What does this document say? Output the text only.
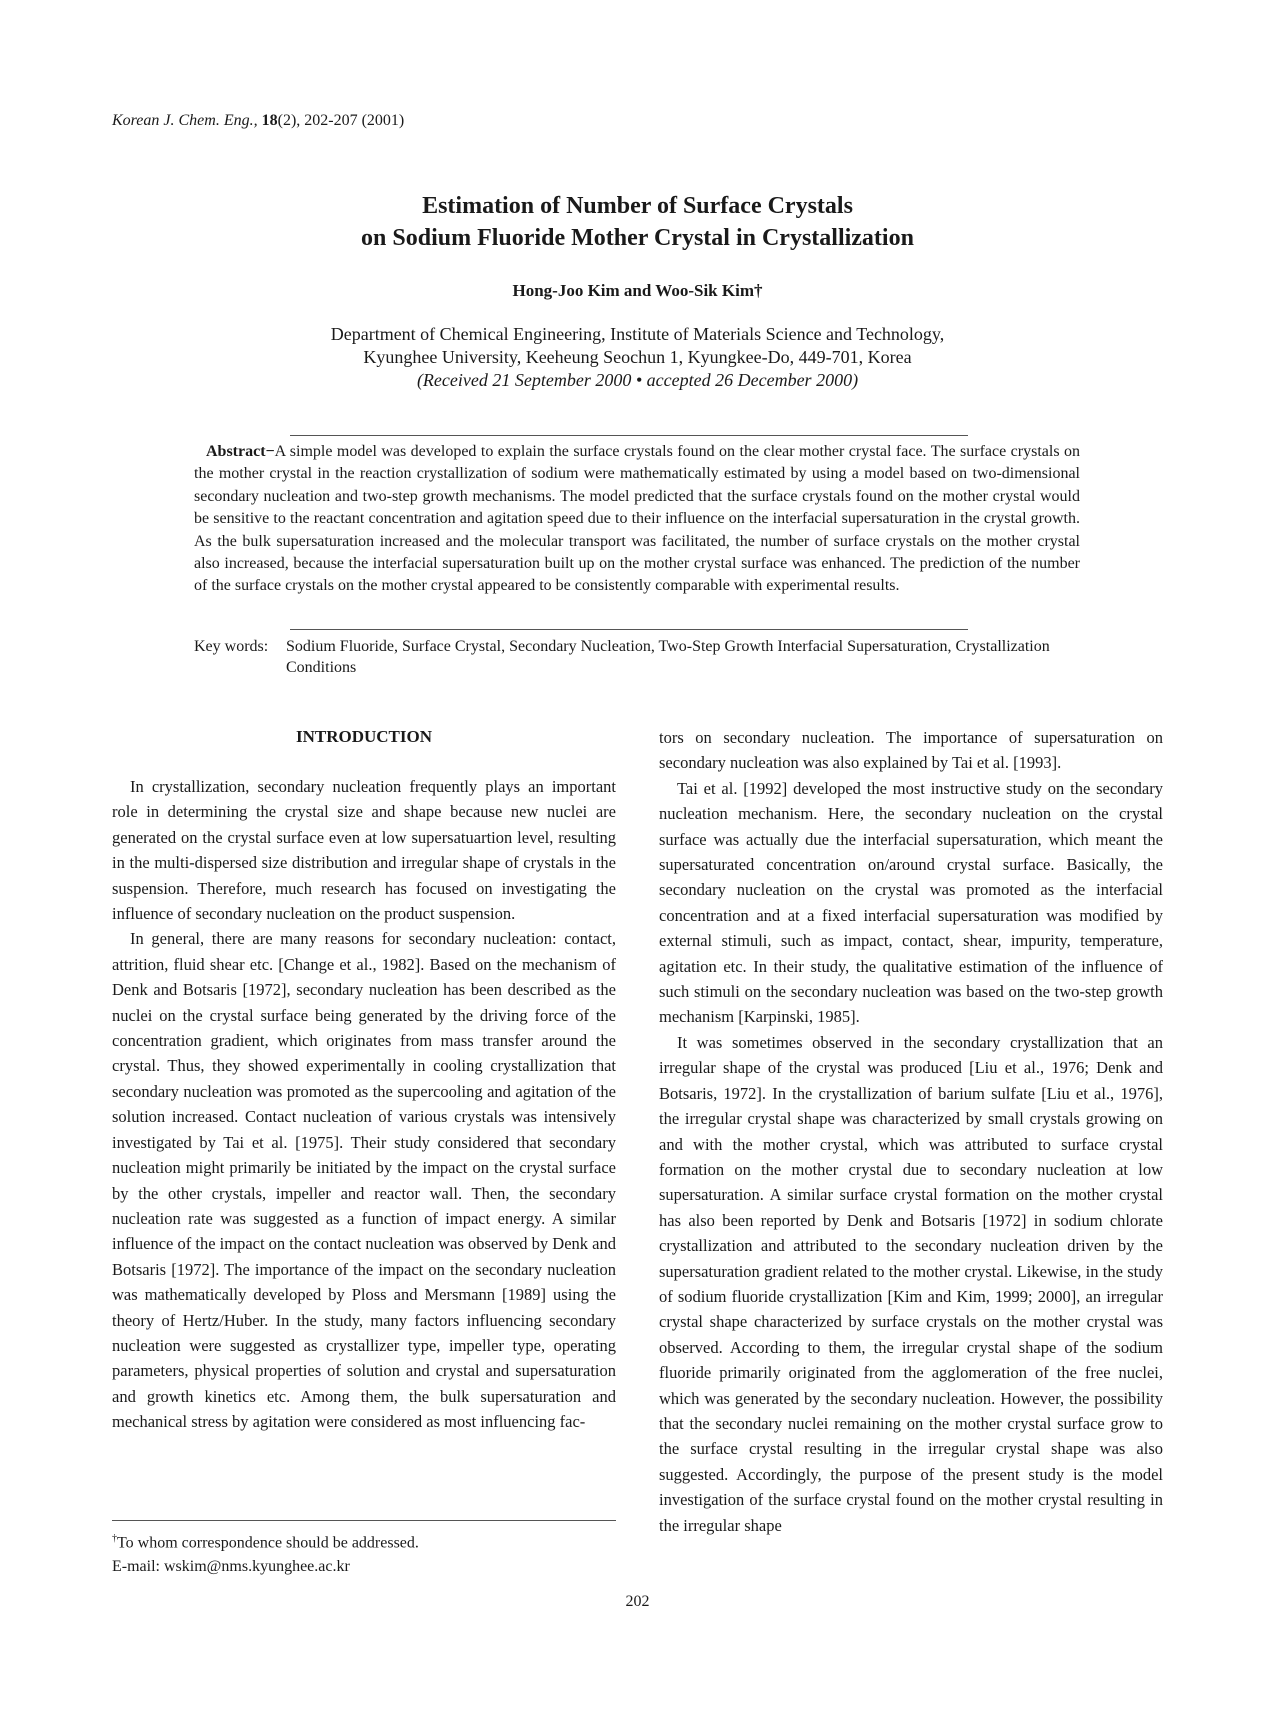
Korean J. Chem. Eng., 18(2), 202-207 (2001)
Estimation of Number of Surface Crystals
on Sodium Fluoride Mother Crystal in Crystallization
Hong-Joo Kim and Woo-Sik Kim†
Department of Chemical Engineering, Institute of Materials Science and Technology,
Kyunghee University, Keeheung Seochun 1, Kyungkee-Do, 449-701, Korea
(Received 21 September 2000 • accepted 26 December 2000)
Abstract−A simple model was developed to explain the surface crystals found on the clear mother crystal face. The surface crystals on the mother crystal in the reaction crystallization of sodium were mathematically estimated by using a model based on two-dimensional secondary nucleation and two-step growth mechanisms. The model predicted that the surface crystals found on the mother crystal would be sensitive to the reactant concentration and agitation speed due to their influence on the interfacial supersaturation in the crystal growth. As the bulk supersaturation increased and the molecular transport was facilitated, the number of surface crystals on the mother crystal also increased, because the interfacial supersaturation built up on the mother crystal surface was enhanced. The prediction of the number of the surface crystals on the mother crystal appeared to be consistently comparable with experimental results.
Key words: Sodium Fluoride, Surface Crystal, Secondary Nucleation, Two-Step Growth Interfacial Supersaturation, Crystallization Conditions
INTRODUCTION

In crystallization, secondary nucleation frequently plays an important role in determining the crystal size and shape because new nuclei are generated on the crystal surface even at low supersatuartion level, resulting in the multi-dispersed size distribution and irregular shape of crystals in the suspension. Therefore, much research has focused on investigating the influence of secondary nucleation on the product suspension.

In general, there are many reasons for secondary nucleation: contact, attrition, fluid shear etc. [Change et al., 1982]. Based on the mechanism of Denk and Botsaris [1972], secondary nucleation has been described as the nuclei on the crystal surface being generated by the driving force of the concentration gradient, which originates from mass transfer around the crystal. Thus, they showed experimentally in cooling crystallization that secondary nucleation was promoted as the supercooling and agitation of the solution increased. Contact nucleation of various crystals was intensively investigated by Tai et al. [1975]. Their study considered that secondary nucleation might primarily be initiated by the impact on the crystal surface by the other crystals, impeller and reactor wall. Then, the secondary nucleation rate was suggested as a function of impact energy. A similar influence of the impact on the contact nucleation was observed by Denk and Botsaris [1972]. The importance of the impact on the secondary nucleation was mathematically developed by Ploss and Mersmann [1989] using the theory of Hertz/Huber. In the study, many factors influencing secondary nucleation were suggested as crystallizer type, impeller type, operating parameters, physical properties of solution and crystal and supersaturation and growth kinetics etc. Among them, the bulk supersaturation and mechanical stress by agitation were considered as most influencing fac-

tors on secondary nucleation. The importance of supersaturation on secondary nucleation was also explained by Tai et al. [1993].

Tai et al. [1992] developed the most instructive study on the secondary nucleation mechanism. Here, the secondary nucleation on the crystal surface was actually due the interfacial supersaturation, which meant the supersaturated concentration on/around crystal surface. Basically, the secondary nucleation on the crystal was promoted as the interfacial concentration and at a fixed interfacial supersaturation was modified by external stimuli, such as impact, contact, shear, impurity, temperature, agitation etc. In their study, the qualitative estimation of the influence of such stimuli on the secondary nucleation was based on the two-step growth mechanism [Karpinski, 1985].

It was sometimes observed in the secondary crystallization that an irregular shape of the crystal was produced [Liu et al., 1976; Denk and Botsaris, 1972]. In the crystallization of barium sulfate [Liu et al., 1976], the irregular crystal shape was characterized by small crystals growing on and with the mother crystal, which was attributed to surface crystal formation on the mother crystal due to secondary nucleation at low supersaturation. A similar surface crystal formation on the mother crystal has also been reported by Denk and Botsaris [1972] in sodium chlorate crystallization and attributed to the secondary nucleation driven by the supersaturation gradient related to the mother crystal. Likewise, in the study of sodium fluoride crystallization [Kim and Kim, 1999; 2000], an irregular crystal shape characterized by surface crystals on the mother crystal was observed. According to them, the irregular crystal shape of the sodium fluoride primarily originated from the agglomeration of the free nuclei, which was generated by the secondary nucleation. However, the possibility that the secondary nuclei remaining on the mother crystal surface grow to the surface crystal resulting in the irregular crystal shape was also suggested. Accordingly, the purpose of the present study is the model investigation of the surface crystal found on the mother crystal resulting in the irregular shape

†To whom correspondence should be addressed.
E-mail: wskim@nms.kyunghee.ac.kr
202
